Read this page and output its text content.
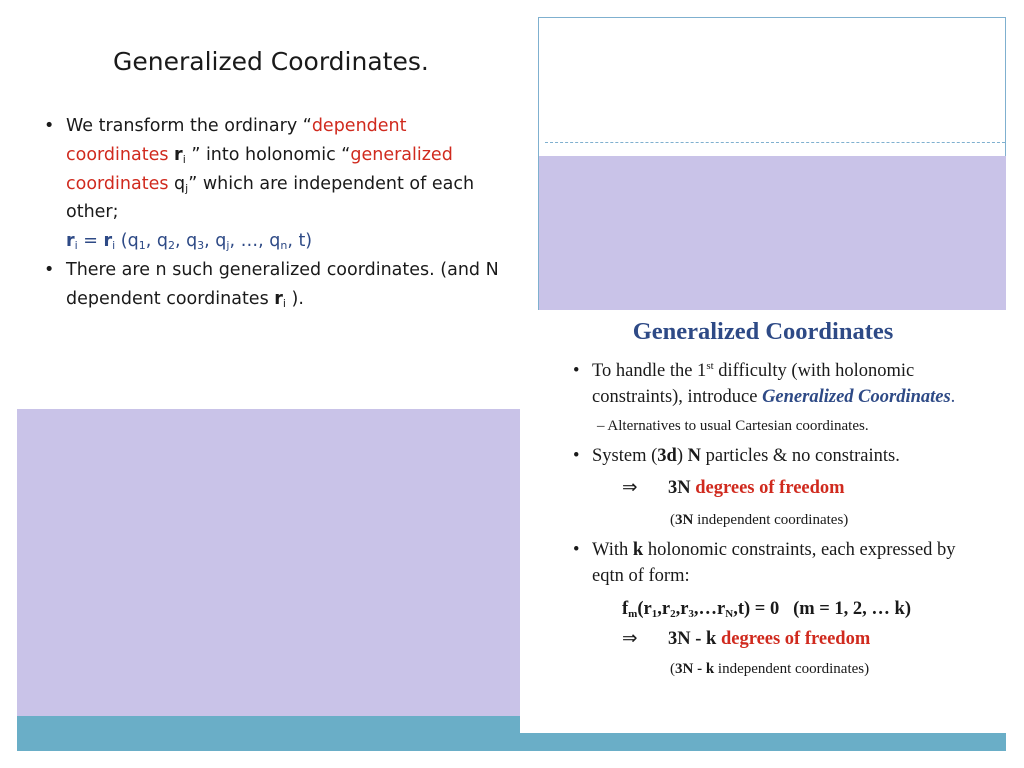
Generalized Coordinates.
• We transform the ordinary “dependent coordinates $r_i$ ” into holonomic “generalized coordinates $q_j$” which are independent of each other;
$r_i = r_i$ ($q_1$, $q_2$, $q_3$, $q_j$, …, $q_n$, t)
• There are n such generalized coordinates. (and N dependent coordinates $r_i$ ).
Generalized Coordinates

• To handle the 1st difficulty (with holonomic
constraints), introduce Generalized Coordinates.

– Alternatives to usual Cartesian coordinates.

• System (3d) N particles & no constraints.

⇒ 3N degrees of freedom

(3N independent coordinates)

• With k holonomic constraints, each expressed by
eqtn of form:

$f_m(r_1,r_2,r_3,\dots r_N,t) = 0$   (m = 1, 2, … k)

⇒ 3N - k degrees of freedom

(3N - k independent coordinates)
